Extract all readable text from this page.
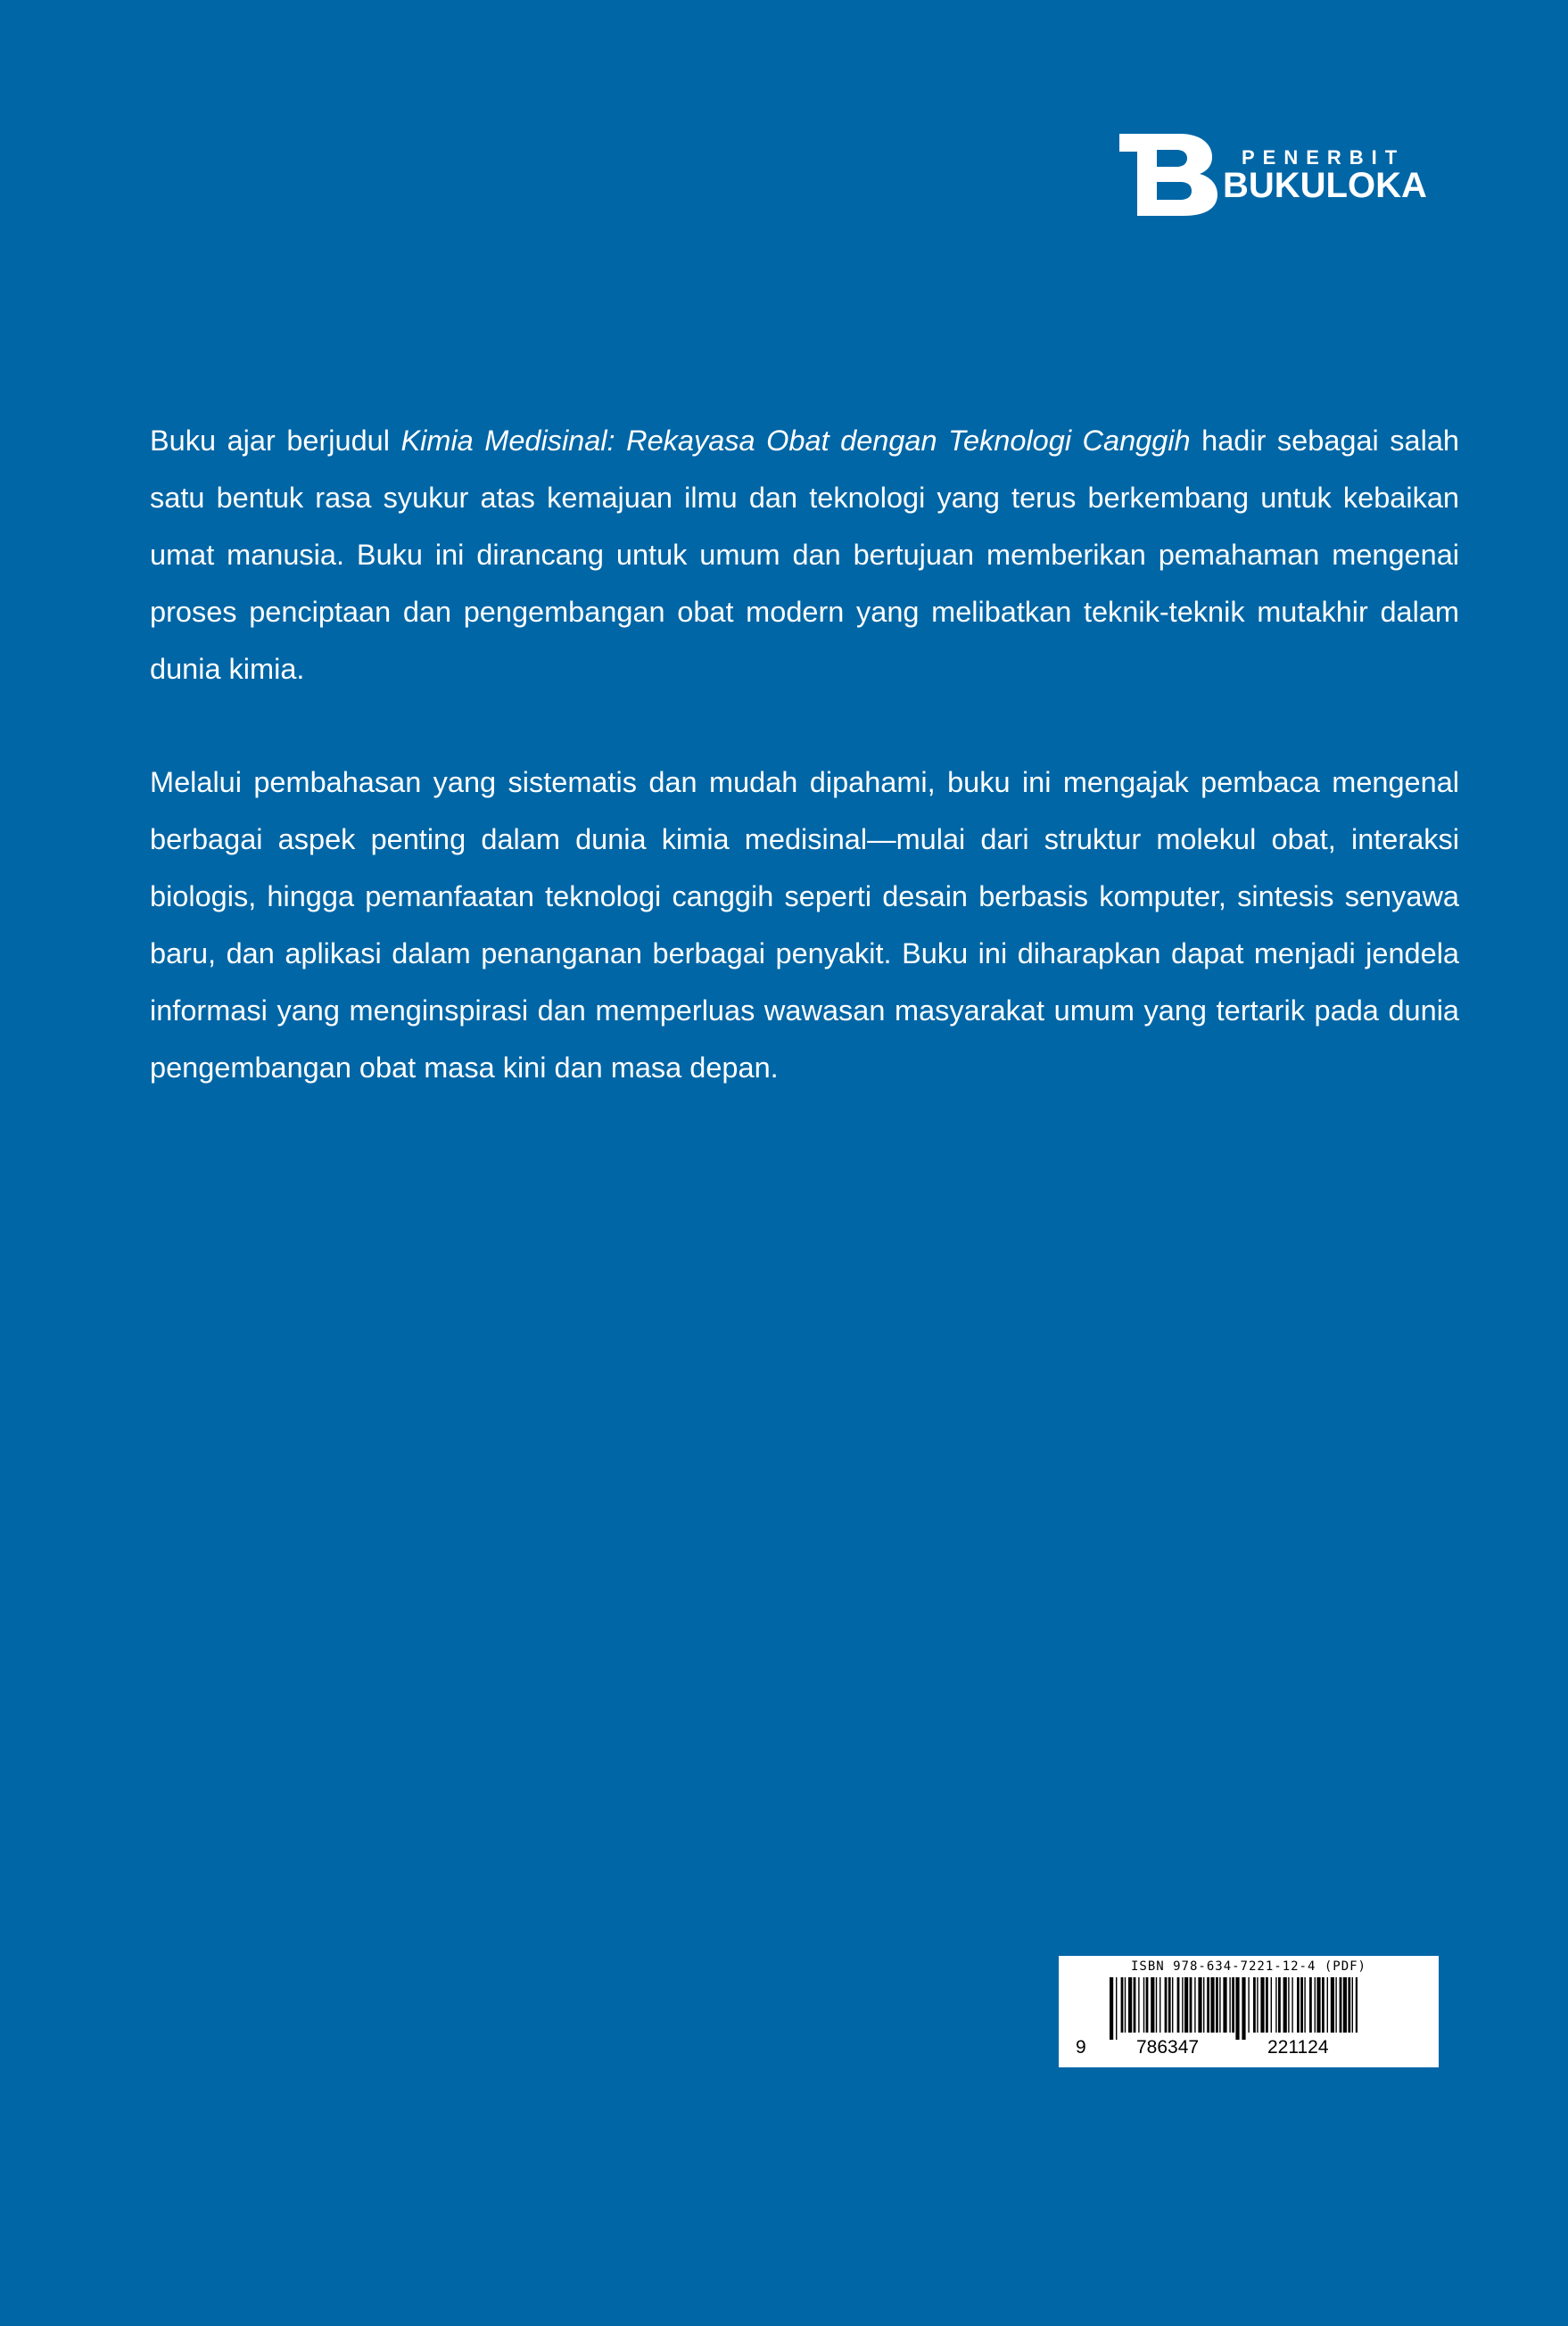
PENERBIT
BUKULOKA

Buku ajar berjudul Kimia Medisinal: Rekayasa Obat dengan Teknologi Canggih hadir sebagai salah satu bentuk rasa syukur atas kemajuan ilmu dan teknologi yang terus berkembang untuk kebaikan umat manusia. Buku ini dirancang untuk umum dan bertujuan memberikan pemahaman mengenai proses penciptaan dan pengembangan obat modern yang melibatkan teknik-teknik mutakhir dalam dunia kimia.

Melalui pembahasan yang sistematis dan mudah dipahami, buku ini mengajak pembaca mengenal berbagai aspek penting dalam dunia kimia medisinal—mulai dari struktur molekul obat, interaksi biologis, hingga pemanfaatan teknologi canggih seperti desain berbasis komputer, sintesis senyawa baru, dan aplikasi dalam penanganan berbagai penyakit. Buku ini diharapkan dapat menjadi jendela informasi yang menginspirasi dan memperluas wawasan masyarakat umum yang tertarik pada dunia pengembangan obat masa kini dan masa depan.

ISBN 978-634-7221-12-4 (PDF)
9	786347	221124
